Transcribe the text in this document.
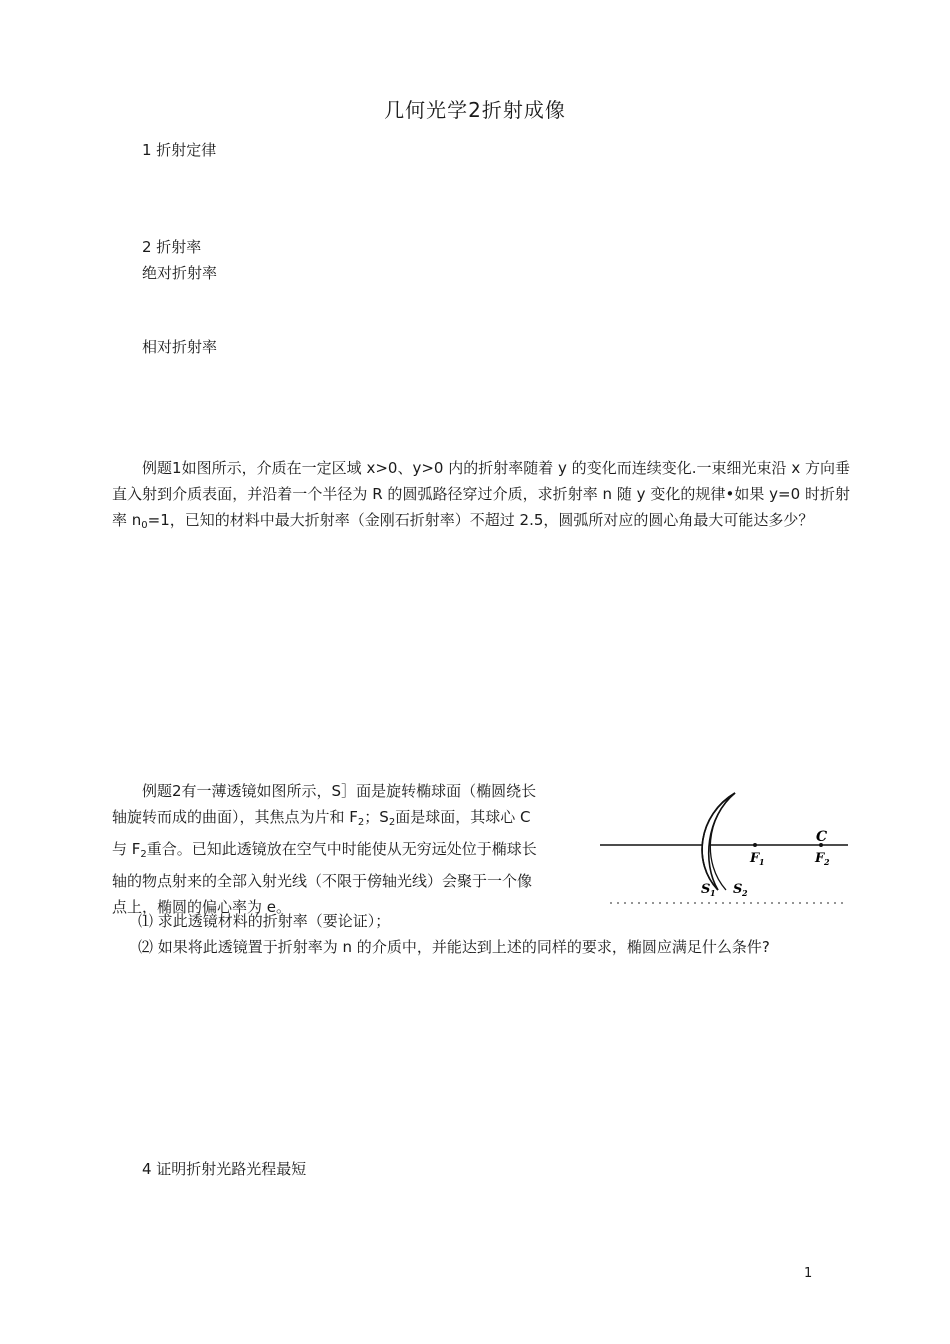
几何光学2折射成像
1 折射定律
2 折射率
绝对折射率
相对折射率
例题1如图所示，介质在一定区域 x>0、y>0 内的折射率随着 y 的变化而连续变化.一束细光束沿 x 方向垂直入射到介质表面，并沿着一个半径为 R 的圆弧路径穿过介质，求折射率 n 随 y 变化的规律•如果 y=0 时折射率 $n_0=1$，已知的材料中最大折射率（金刚石折射率）不超过 2.5，圆弧所对应的圆心角最大可能达多少？
例题2有一薄透镜如图所示，S］面是旋转椭球面（椭圆绕长
轴旋转而成的曲面），其焦点为片和 $F_2$；$S_2$面是球面，其球心 C
与 $F_2$重合。已知此透镜放在空气中时能使从无穷远处位于椭球长
轴的物点射来的全部入射光线（不限于傍轴光线）会聚于一个像
点上，椭圆的偏心率为 e。
⑴ 求此透镜材料的折射率（要论证）；
⑵ 如果将此透镜置于折射率为 n 的介质中，并能达到上述的同样的要求，椭圆应满足什么条件?
C
F 1	F 2
S 1 S 2
4 证明折射光路光程最短
1
